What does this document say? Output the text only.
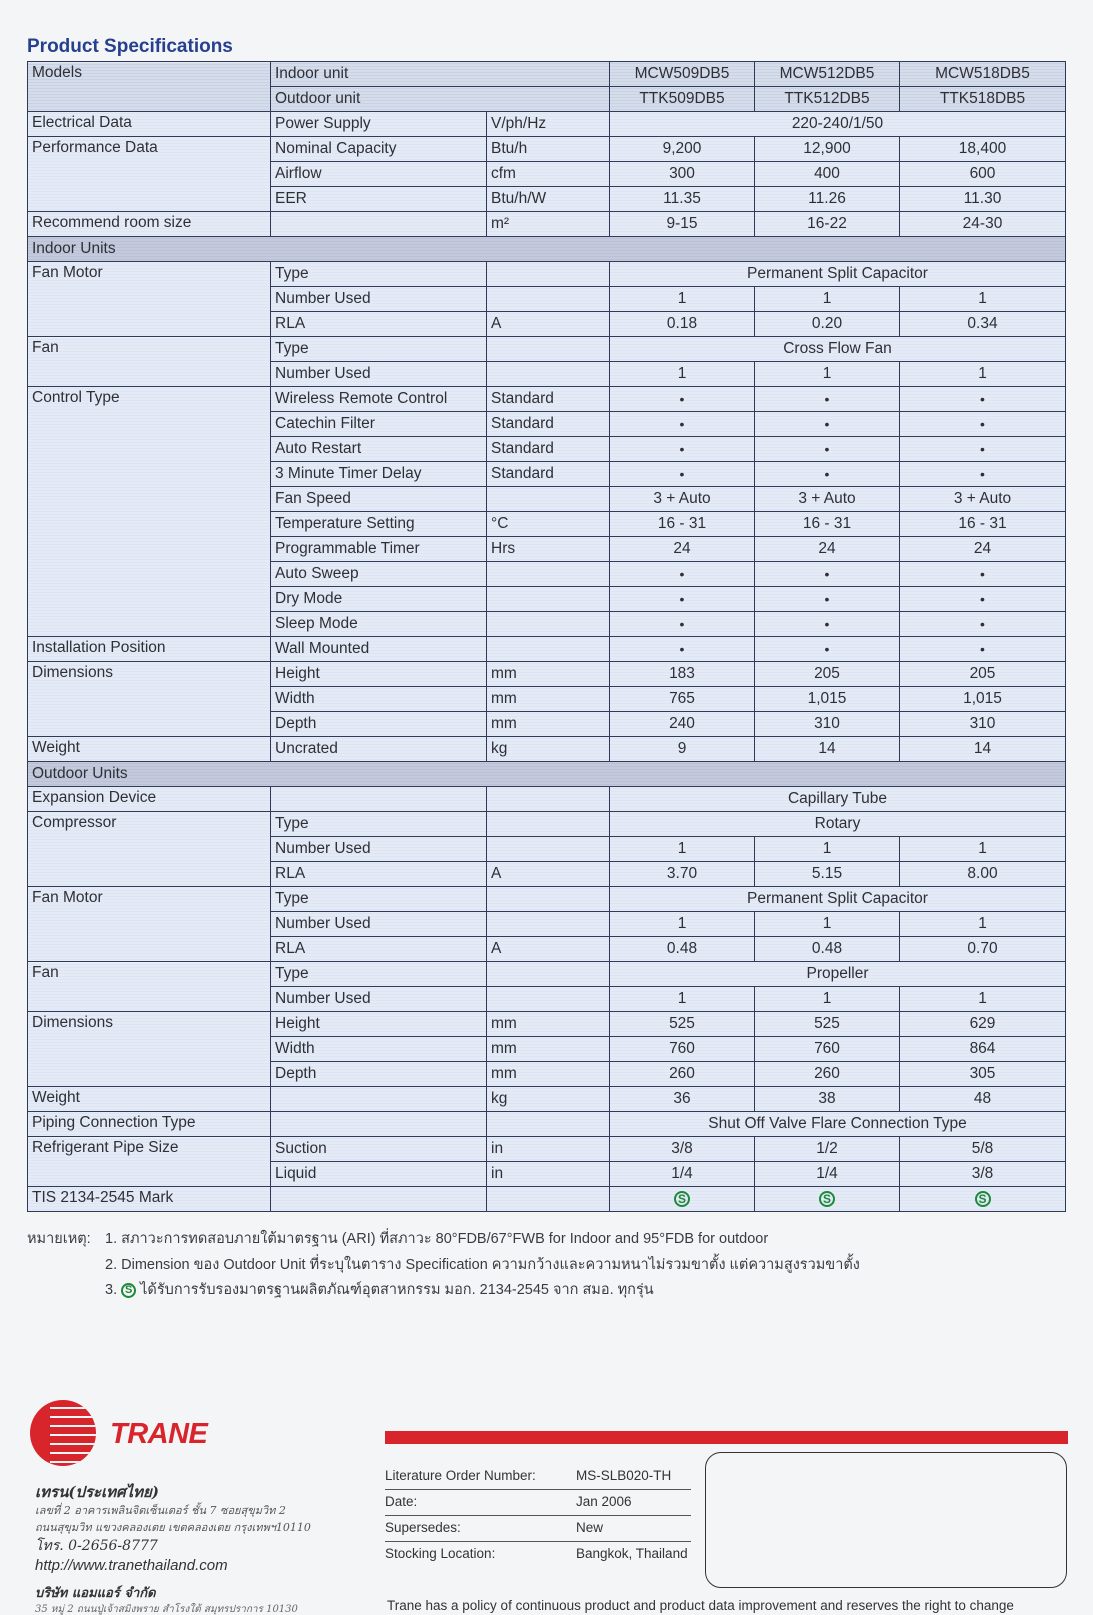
Product Specifications
Models	Indoor unit		MCW509DB5	MCW512DB5	MCW518DB5
	Outdoor unit		TTK509DB5	TTK512DB5	TTK518DB5
Electrical Data	Power Supply	V/ph/Hz	220-240/1/50		
Performance Data	Nominal Capacity	Btu/h	9,200	12,900	18,400
	Airflow	cfm	300	400	600
	EER	Btu/h/W	11.35	11.26	11.30
Recommend room size		m²	9-15	16-22	24-30
Indoor Units					
Fan Motor	Type		Permanent Split Capacitor		
	Number Used		1	1	1
	RLA	A	0.18	0.20	0.34
Fan	Type		Cross Flow Fan		
	Number Used		1	1	1
Control Type	Wireless Remote Control	Standard	•	•	•
	Catechin Filter	Standard	•	•	•
	Auto Restart	Standard	•	•	•
	3 Minute Timer Delay	Standard	•	•	•
	Fan Speed		3 + Auto	3 + Auto	3 + Auto
	Temperature Setting	°C	16 - 31	16 - 31	16 - 31
	Programmable Timer	Hrs	24	24	24
	Auto Sweep		•	•	•
	Dry Mode		•	•	•
	Sleep Mode		•	•	•
Installation Position	Wall Mounted		•	•	•
Dimensions	Height	mm	183	205	205
	Width	mm	765	1,015	1,015
	Depth	mm	240	310	310
Weight	Uncrated	kg	9	14	14
Outdoor Units					
Expansion Device			Capillary Tube		
Compressor	Type		Rotary		
	Number Used		1	1	1
	RLA	A	3.70	5.15	8.00
Fan Motor	Type		Permanent Split Capacitor		
	Number Used		1	1	1
	RLA	A	0.48	0.48	0.70
Fan	Type		Propeller		
	Number Used		1	1	1
Dimensions	Height	mm	525	525	629
	Width	mm	760	760	864
	Depth	mm	260	260	305
Weight		kg	36	38	48
Piping Connection Type			Shut Off Valve Flare Connection Type		
Refrigerant Pipe Size	Suction	in	3/8	1/2	5/8
	Liquid	in	1/4	1/4	3/8
TIS 2134-2545 Mark			S	S	S
หมายเหตุ: 1. สภาวะการทดสอบภายใต้มาตรฐาน (ARI) ที่สภาวะ 80°FDB/67°FWB for Indoor and 95°FDB for outdoor
2. Dimension ของ Outdoor Unit ที่ระบุในตาราง Specification ความกว้างและความหนาไม่รวมขาตั้ง แต่ความสูงรวมขาตั้ง
3. S ได้รับการรับรองมาตรฐานผลิตภัณฑ์อุตสาหกรรม มอก. 2134-2545 จาก สมอ. ทุกรุ่น
TRANE
เทรน(ประเทศไทย)
เลขที่ 2 อาคารเพลินจิตเซ็นเตอร์ ชั้น 7 ซอยสุขุมวิท 2
ถนนสุขุมวิท แขวงคลองเตย เขตคลองเตย กรุงเทพฯ10110
โทร. 0-2656-8777
http://www.tranethailand.com
บริษัท แอมแอร์ จำกัด
35 หมู่ 2 ถนนปู่เจ้าสมิงพราย สำโรงใต้ สมุทรปราการ 10130
Literature Order Number:	MS-SLB020-TH
Date:	Jan 2006
Supersedes:	New
Stocking Location:	Bangkok, Thailand
Trane has a policy of continuous product and product data improvement and reserves the right to change
